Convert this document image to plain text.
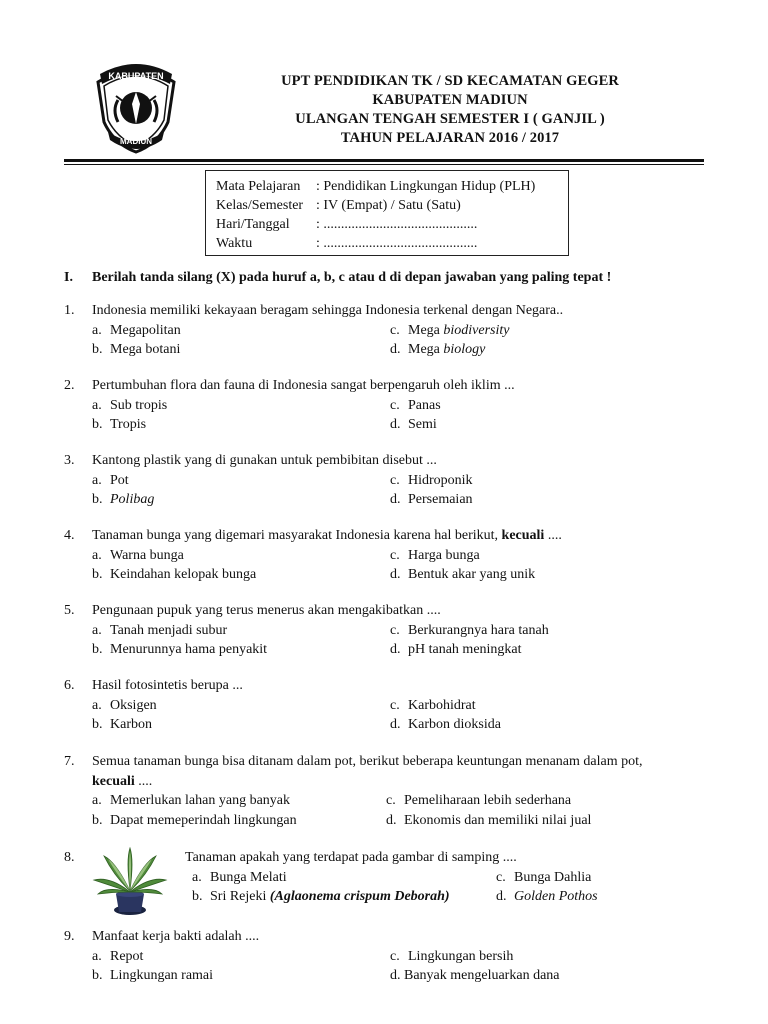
KABUPATEN
MADIUN
UPT PENDIDIKAN TK / SD KECAMATAN GEGER
KABUPATEN MADIUN
ULANGAN TENGAH SEMESTER I ( GANJIL )
TAHUN PELAJARAN 2016 / 2017
Mata Pelajaran	: Pendidikan Lingkungan Hidup (PLH)
Kelas/Semester : IV (Empat) / Satu (Satu)
Hari/Tanggal	: ............................................
Waktu	: ............................................
I. Berilah tanda silang (X) pada huruf a, b, c atau d di depan jawaban yang paling tepat !
1.	Indonesia memiliki kekayaan beragam sehingga Indonesia terkenal dengan Negara..
a. Megapolitan
b. Mega botani
c. Mega biodiversity
d. Mega biology
2.	Pertumbuhan flora dan fauna di Indonesia sangat berpengaruh oleh iklim ...
a. Sub tropis
b. Tropis
c. Panas
d. Semi
3.	Kantong plastik yang di gunakan untuk pembibitan disebut ...
a. Pot
b. Polibag
c. Hidroponik
d. Persemaian
4.	Tanaman bunga yang digemari masyarakat Indonesia karena hal berikut, kecuali ....
a. Warna bunga
b. Keindahan kelopak bunga
c. Harga bunga
d. Bentuk akar yang unik
5.	Pengunaan pupuk yang terus menerus akan mengakibatkan ....
a. Tanah menjadi subur
b. Menurunnya hama penyakit
c. Berkurangnya hara tanah
d. pH tanah meningkat
6.	Hasil fotosintetis berupa ...
a. Oksigen
b. Karbon
c. Karbohidrat
d. Karbon dioksida
7.	Semua tanaman bunga bisa ditanam dalam pot, berikut beberapa keuntungan menanam dalam pot,
kecuali ....
a. Memerlukan lahan yang banyak
b. Dapat memeperindah lingkungan
c. Pemeliharaan lebih sederhana
d. Ekonomis dan memiliki nilai jual
8.	Tanaman apakah yang terdapat pada gambar di samping ....
a. Bunga Melati
b. Sri Rejeki (Aglaonema crispum Deborah)
c. Bunga Dahlia
d. Golden Pothos
9.	Manfaat kerja bakti adalah ....
a. Repot
b. Lingkungan ramai
c. Lingkungan bersih
d. Banyak mengeluarkan dana
